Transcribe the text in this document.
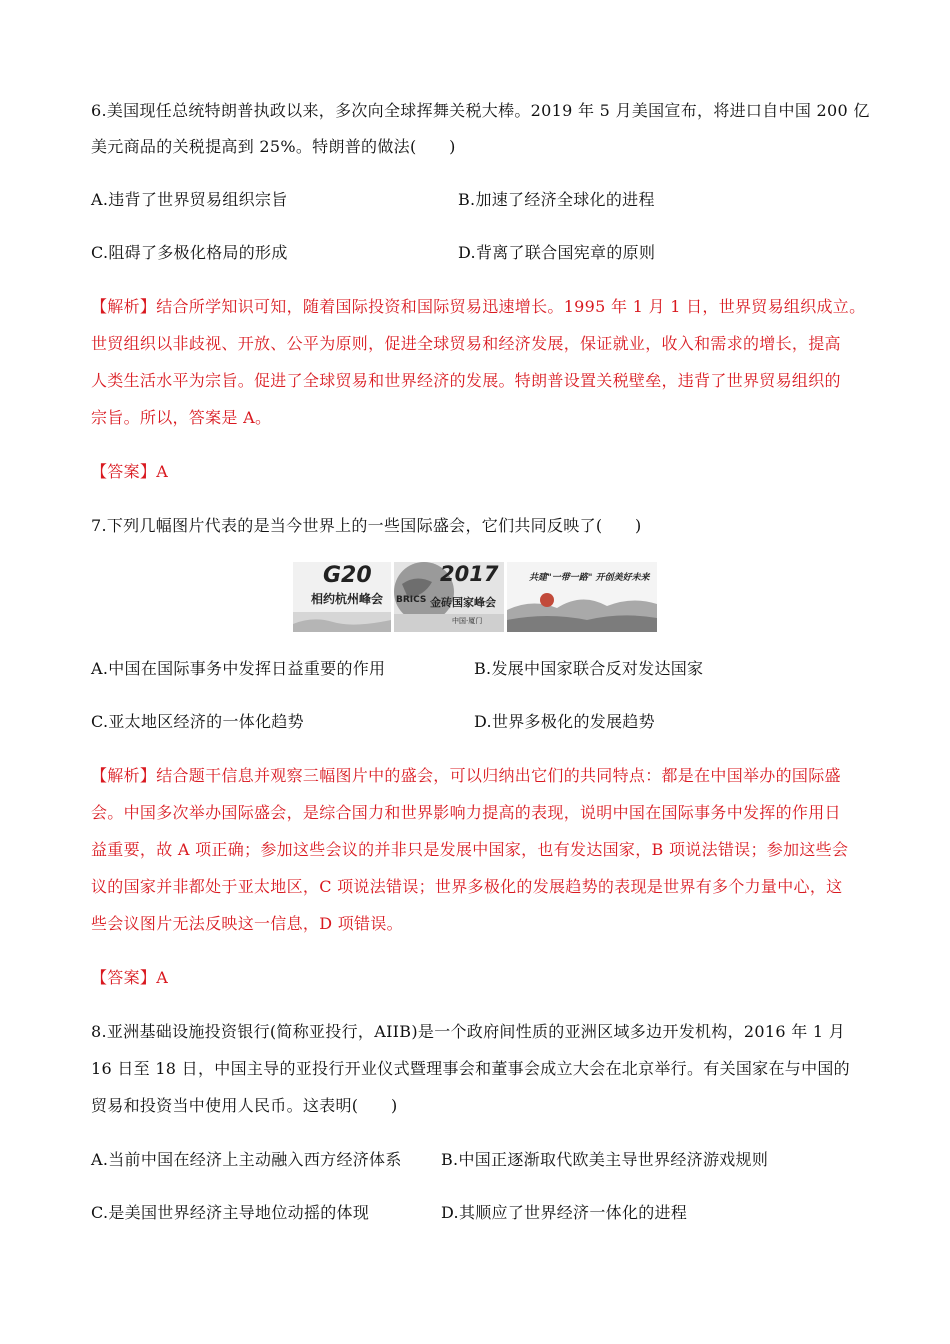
6.美国现任总统特朗普执政以来，多次向全球挥舞关税大棒。2019 年 5 月美国宣布，将进口自中国 200 亿
美元商品的关税提高到 25%。特朗普的做法(　　)
A.违背了世界贸易组织宗旨	B.加速了经济全球化的进程
C.阻碍了多极化格局的形成	D.背离了联合国宪章的原则
【解析】结合所学知识可知，随着国际投资和国际贸易迅速增长。1995 年 1 月 1 日，世界贸易组织成立。
世贸组织以非歧视、开放、公平为原则，促进全球贸易和经济发展，保证就业，收入和需求的增长，提高
人类生活水平为宗旨。促进了全球贸易和世界经济的发展。特朗普设置关税壁垒，违背了世界贸易组织的
宗旨。所以，答案是 A。
【答案】A
7.下列几幅图片代表的是当今世界上的一些国际盛会，它们共同反映了(　　)
G20
相约杭州峰会
2017
BRICS 金砖国家峰会
中国·厦门
共建"一带一路" 开创美好未来
A.中国在国际事务中发挥日益重要的作用	B.发展中国家联合反对发达国家
C.亚太地区经济的一体化趋势	D.世界多极化的发展趋势
【解析】结合题干信息并观察三幅图片中的盛会，可以归纳出它们的共同特点：都是在中国举办的国际盛
会。中国多次举办国际盛会，是综合国力和世界影响力提高的表现，说明中国在国际事务中发挥的作用日
益重要，故 A 项正确；参加这些会议的并非只是发展中国家，也有发达国家，B 项说法错误；参加这些会
议的国家并非都处于亚太地区，C 项说法错误；世界多极化的发展趋势的表现是世界有多个力量中心，这
些会议图片无法反映这一信息，D 项错误。
【答案】A
8.亚洲基础设施投资银行(简称亚投行，AIIB)是一个政府间性质的亚洲区域多边开发机构，2016 年 1 月
16 日至 18 日，中国主导的亚投行开业仪式暨理事会和董事会成立大会在北京举行。有关国家在与中国的
贸易和投资当中使用人民币。这表明(　　)
A.当前中国在经济上主动融入西方经济体系 B.中国正逐渐取代欧美主导世界经济游戏规则
C.是美国世界经济主导地位动摇的体现	D.其顺应了世界经济一体化的进程
